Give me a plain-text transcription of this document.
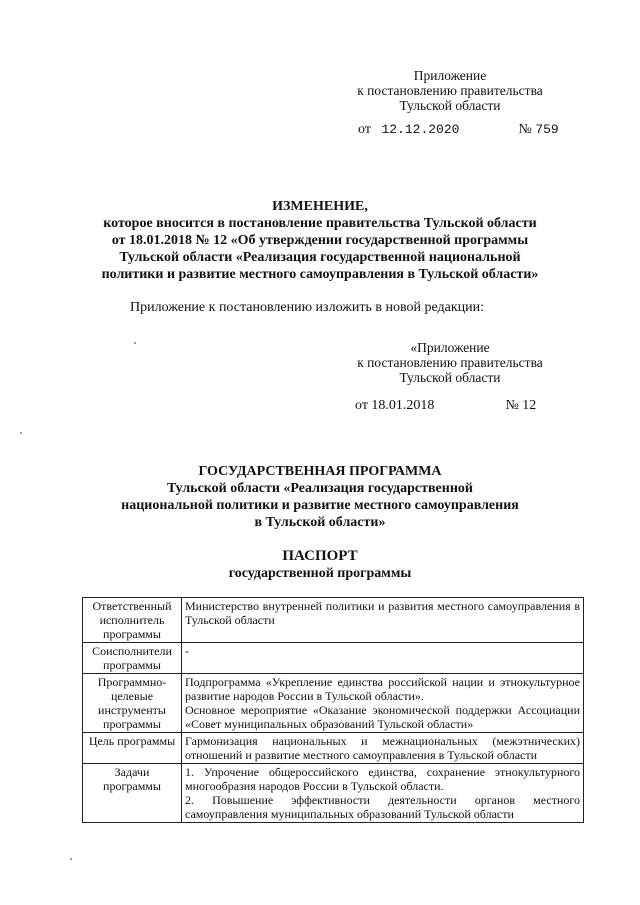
Приложение
к постановлению правительства
Тульской области
от 12.12.2020	№ 759
ИЗМЕНЕНИЕ,
которое вносится в постановление правительства Тульской области
от 18.01.2018 № 12 «Об утверждении государственной программы
Тульской области «Реализация государственной национальной
политики и развитие местного самоуправления в Тульской области»
Приложение к постановлению изложить в новой редакции:
«Приложение
к постановлению правительства
Тульской области
от 18.01.2018	№ 12
ГОСУДАРСТВЕННАЯ ПРОГРАММА
Тульской области «Реализация государственной
национальной политики и развитие местного самоуправления
в Тульской области»
ПАСПОРТ
государственной программы
Ответственный исполнитель программы	Министерство внутренней политики и развития местного самоуправления в Тульской области

Соисполнители программы	-

Программно-целевые инструменты программы	Подпрограмма «Укрепление единства российской нации и этнокультурное развитие народов России в Тульской области».

Основное мероприятие «Оказание экономической поддержки Ассоциации «Совет муниципальных образований Тульской области»

Цель программы	Гармонизация национальных и межнациональных (межэтнических) отношений и развитие местного самоуправления в Тульской области

Задачи программы	1. Упрочение общероссийского единства, сохранение этнокультурного многообразия народов России в Тульской области.

2. Повышение эффективности деятельности органов местного самоуправления муниципальных образований Тульской области
